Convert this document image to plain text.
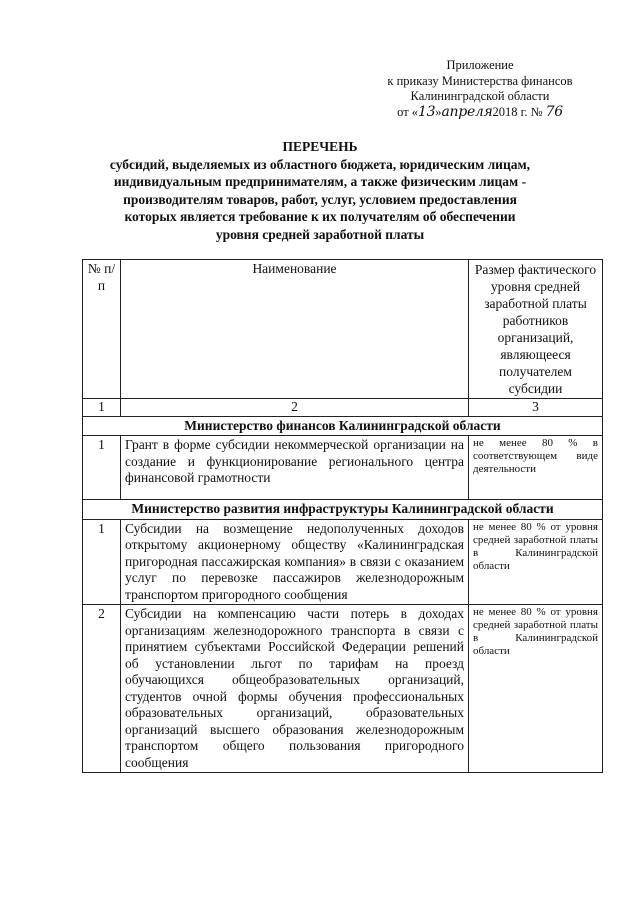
Приложение
к приказу Министерства финансов
Калининградской области
от «13»апреля2018 г. № 76
ПЕРЕЧЕНЬ
субсидий, выделяемых из областного бюджета, юридическим лицам,
индивидуальным предпринимателям, а также физическим лицам -
производителям товаров, работ, услуг, условием предоставления
которых является требование к их получателям об обеспечении
уровня средней заработной платы
№ п/п	Наименование	Размер фактического уровня средней заработной платы работников организаций, являющееся получателем субсидии
1	2	3
Министерство финансов Калининградской области		
1	Грант в форме субсидии некоммерческой организации на создание и функционирование регионального центра финансовой грамотности	не менее 80 % в соответствующем виде деятельности
Министерство развития инфраструктуры Калининградской области		
1	Субсидии на возмещение недополученных доходов открытому акционерному обществу «Калининградская пригородная пассажирская компания» в связи с оказанием услуг по перевозке пассажиров железнодорожным транспортом пригородного сообщения	не менее 80 % от уровня средней заработной платы в Калининградской области
2	Субсидии на компенсацию части потерь в доходах организациям железнодорожного транспорта в связи с принятием субъектами Российской Федерации решений об установлении льгот по тарифам на проезд обучающихся общеобразовательных организаций, студентов очной формы обучения профессиональных образовательных организаций, образовательных организаций высшего образования железнодорожным транспортом общего пользования пригородного сообщения	не менее 80 % от уровня средней заработной платы в Калининградской области
